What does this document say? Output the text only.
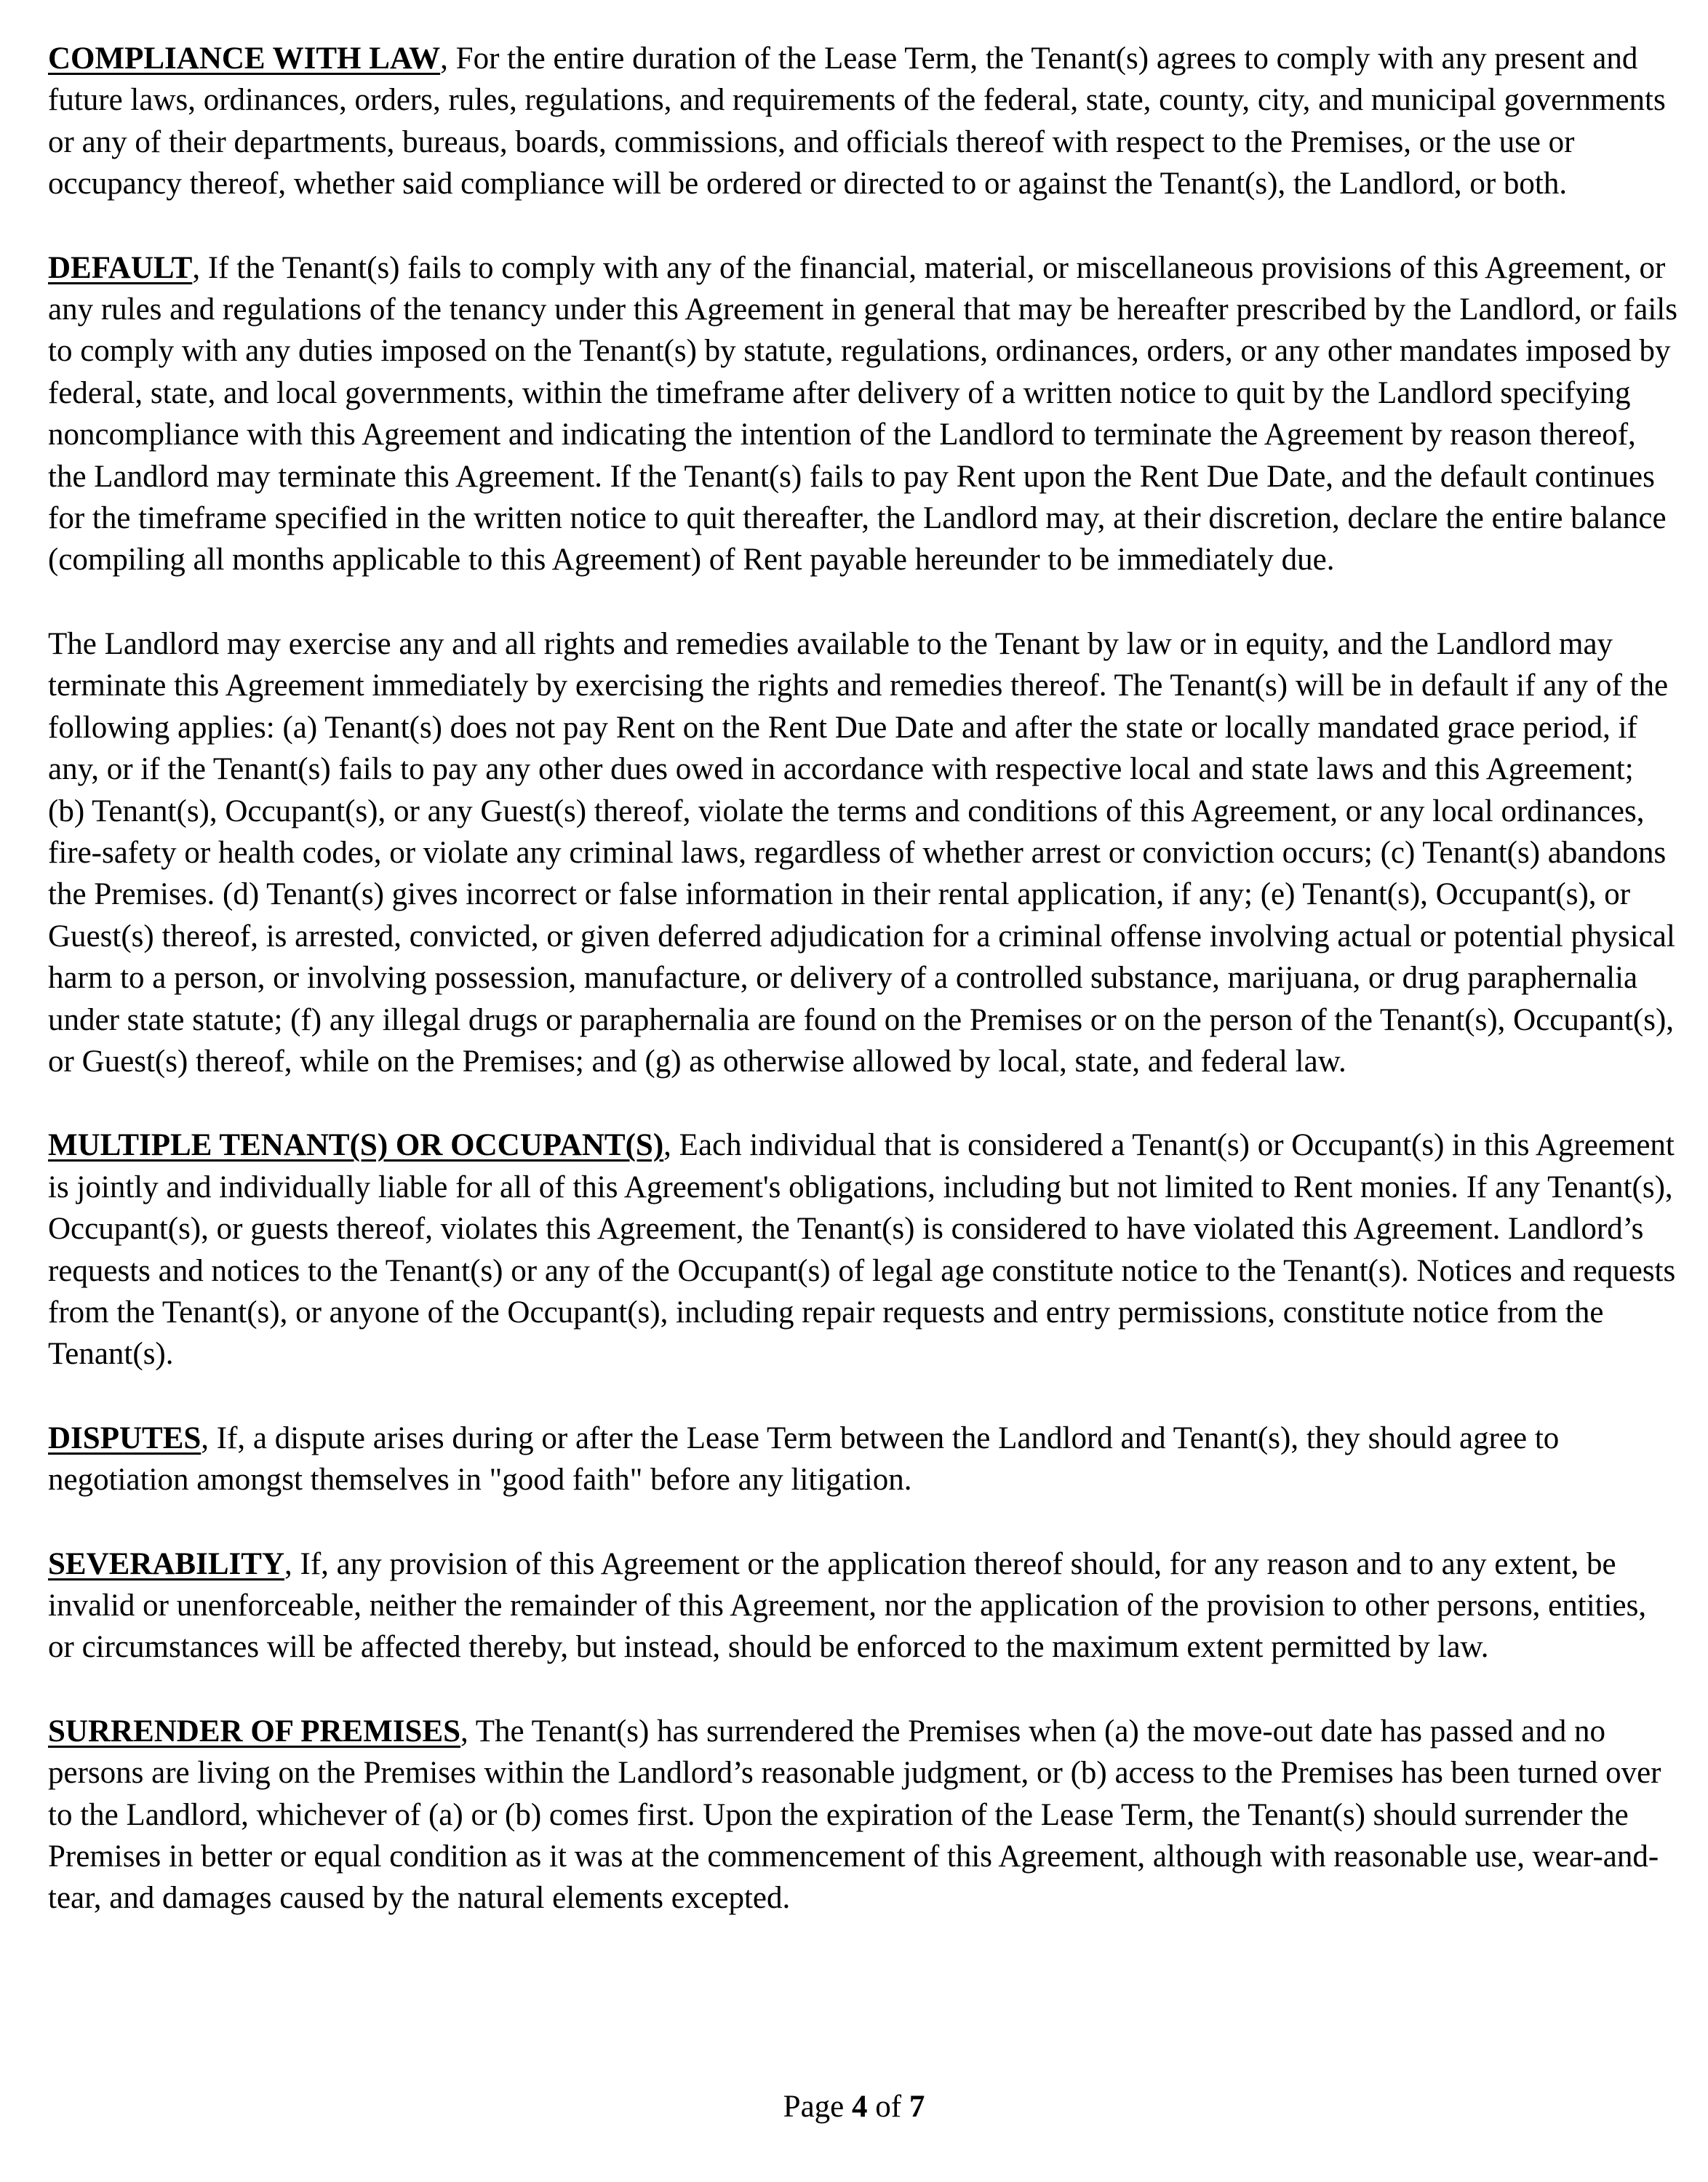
COMPLIANCE WITH LAW, For the entire duration of the Lease Term, the Tenant(s) agrees to comply with any present and future laws, ordinances, orders, rules, regulations, and requirements of the federal, state, county, city, and municipal governments or any of their departments, bureaus, boards, commissions, and officials thereof with respect to the Premises, or the use or occupancy thereof, whether said compliance will be ordered or directed to or against the Tenant(s), the Landlord, or both.

DEFAULT, If the Tenant(s) fails to comply with any of the financial, material, or miscellaneous provisions of this Agreement, or any rules and regulations of the tenancy under this Agreement in general that may be hereafter prescribed by the Landlord, or fails to comply with any duties imposed on the Tenant(s) by statute, regulations, ordinances, orders, or any other mandates imposed by federal, state, and local governments, within the timeframe after delivery of a written notice to quit by the Landlord specifying noncompliance with this Agreement and indicating the intention of the Landlord to terminate the Agreement by reason thereof, the Landlord may terminate this Agreement. If the Tenant(s) fails to pay Rent upon the Rent Due Date, and the default continues for the timeframe specified in the written notice to quit thereafter, the Landlord may, at their discretion, declare the entire balance (compiling all months applicable to this Agreement) of Rent payable hereunder to be immediately due.

The Landlord may exercise any and all rights and remedies available to the Tenant by law or in equity, and the Landlord may terminate this Agreement immediately by exercising the rights and remedies thereof. The Tenant(s) will be in default if any of the following applies: (a) Tenant(s) does not pay Rent on the Rent Due Date and after the state or locally mandated grace period, if any, or if the Tenant(s) fails to pay any other dues owed in accordance with respective local and state laws and this Agreement; (b) Tenant(s), Occupant(s), or any Guest(s) thereof, violate the terms and conditions of this Agreement, or any local ordinances, fire-safety or health codes, or violate any criminal laws, regardless of whether arrest or conviction occurs; (c) Tenant(s) abandons the Premises. (d) Tenant(s) gives incorrect or false information in their rental application, if any; (e) Tenant(s), Occupant(s), or Guest(s) thereof, is arrested, convicted, or given deferred adjudication for a criminal offense involving actual or potential physical harm to a person, or involving possession, manufacture, or delivery of a controlled substance, marijuana, or drug paraphernalia under state statute; (f) any illegal drugs or paraphernalia are found on the Premises or on the person of the Tenant(s), Occupant(s), or Guest(s) thereof, while on the Premises; and (g) as otherwise allowed by local, state, and federal law.

MULTIPLE TENANT(S) OR OCCUPANT(S), Each individual that is considered a Tenant(s) or Occupant(s) in this Agreement is jointly and individually liable for all of this Agreement's obligations, including but not limited to Rent monies. If any Tenant(s), Occupant(s), or guests thereof, violates this Agreement, the Tenant(s) is considered to have violated this Agreement. Landlord’s requests and notices to the Tenant(s) or any of the Occupant(s) of legal age constitute notice to the Tenant(s). Notices and requests from the Tenant(s), or anyone of the Occupant(s), including repair requests and entry permissions, constitute notice from the Tenant(s).

DISPUTES, If, a dispute arises during or after the Lease Term between the Landlord and Tenant(s), they should agree to negotiation amongst themselves in "good faith" before any litigation.

SEVERABILITY, If, any provision of this Agreement or the application thereof should, for any reason and to any extent, be invalid or unenforceable, neither the remainder of this Agreement, nor the application of the provision to other persons, entities, or circumstances will be affected thereby, but instead, should be enforced to the maximum extent permitted by law.

SURRENDER OF PREMISES, The Tenant(s) has surrendered the Premises when (a) the move-out date has passed and no persons are living on the Premises within the Landlord’s reasonable judgment, or (b) access to the Premises has been turned over to the Landlord, whichever of (a) or (b) comes first. Upon the expiration of the Lease Term, the Tenant(s) should surrender the Premises in better or equal condition as it was at the commencement of this Agreement, although with reasonable use, wear-and-tear, and damages caused by the natural elements excepted.

Page 4 of 7
